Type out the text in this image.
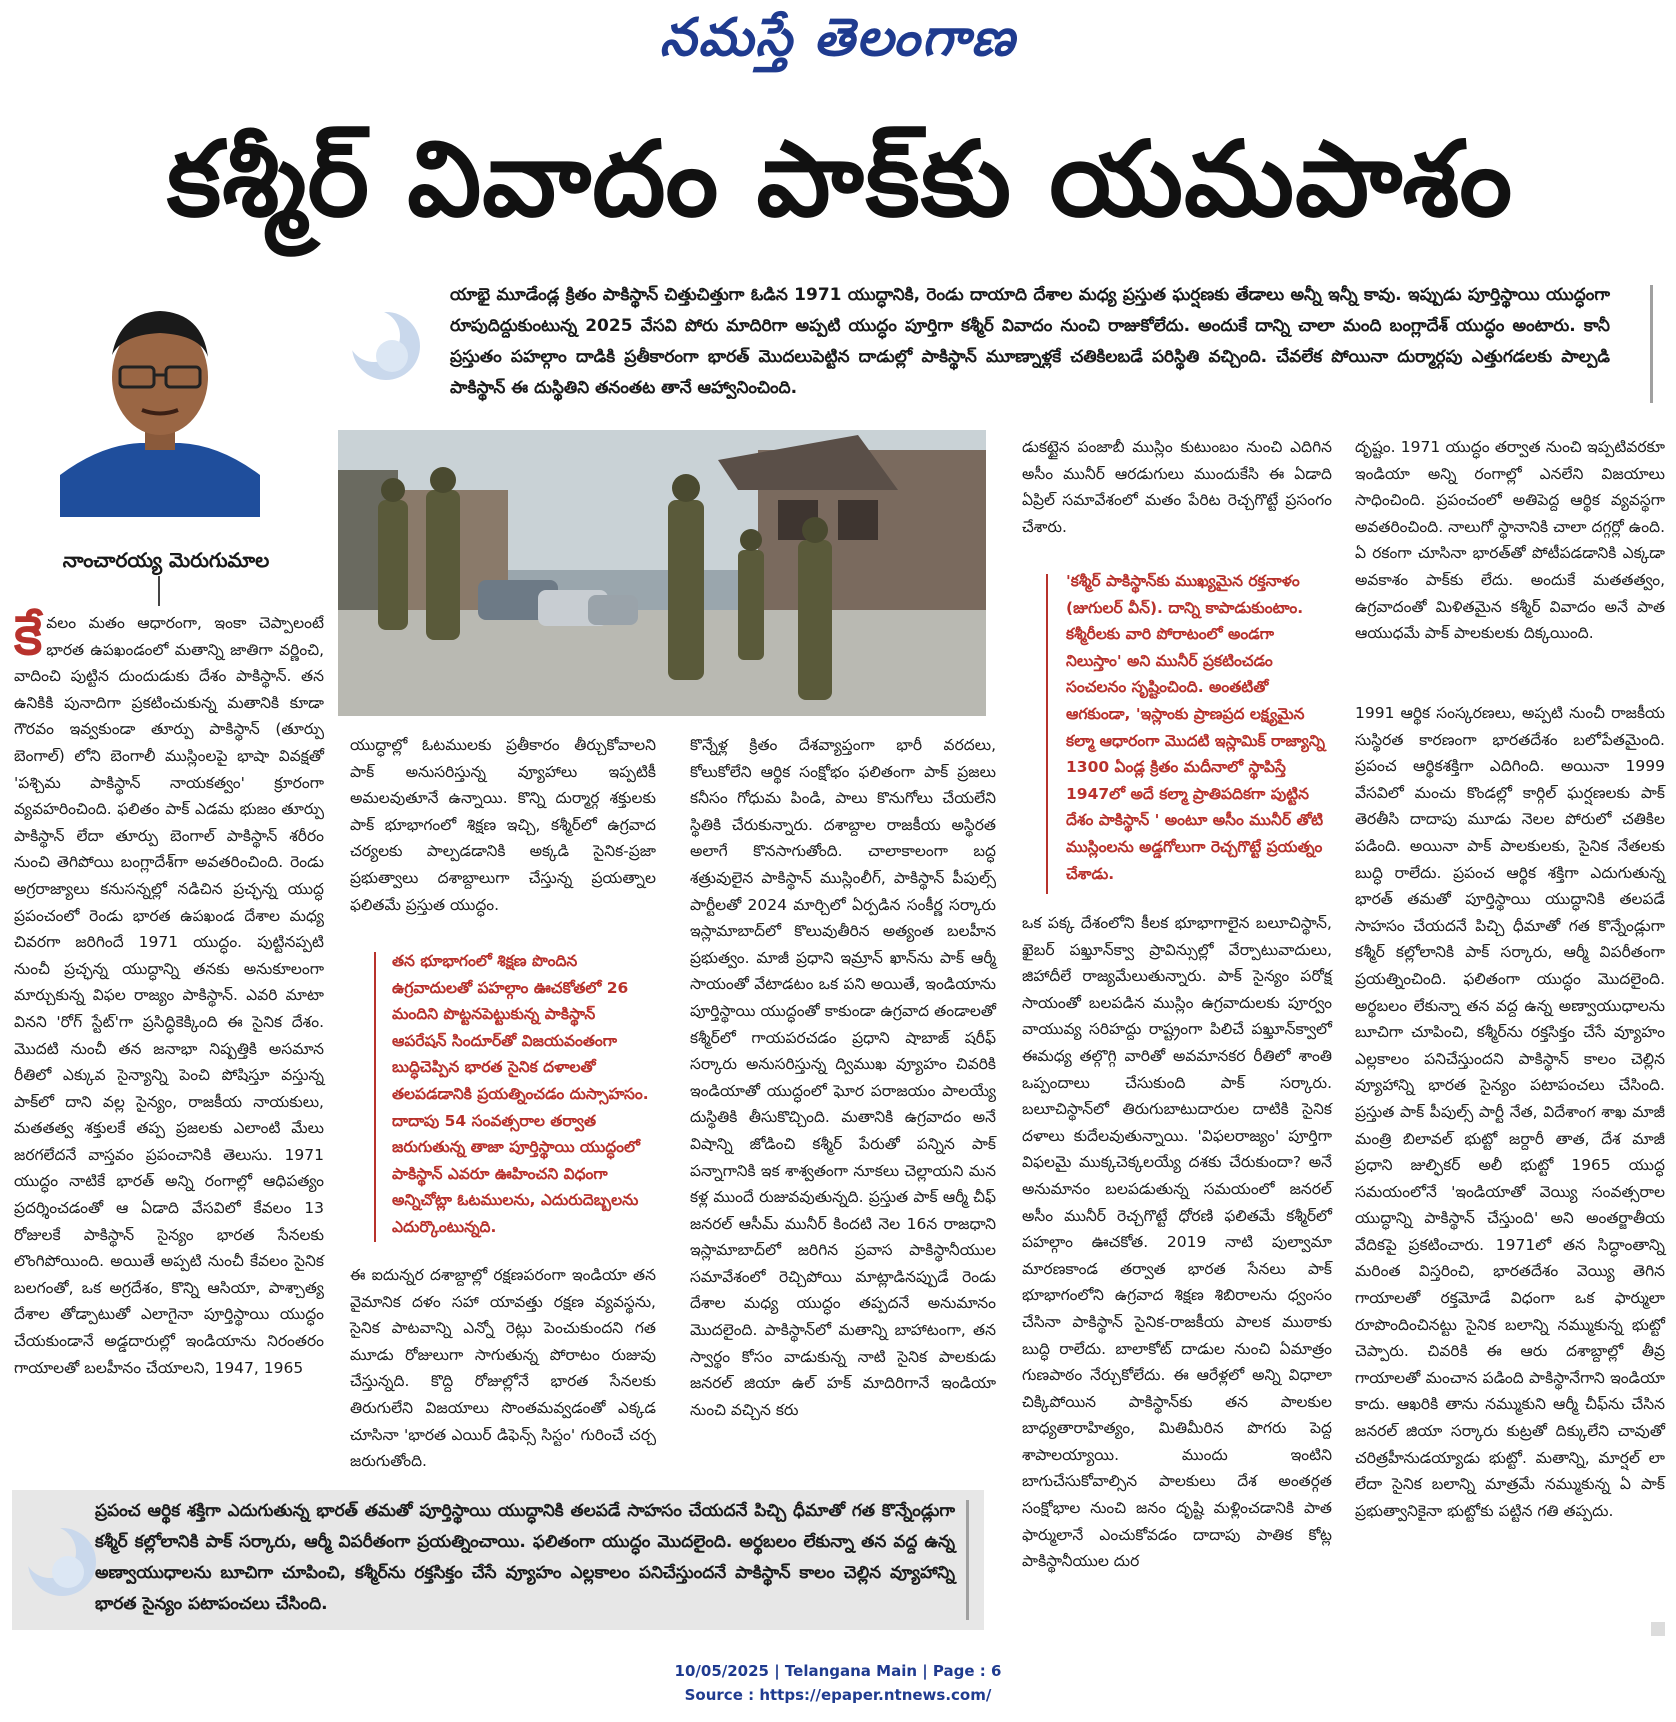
నమస్తే తెలంగాణ
కశ్మీర్ వివాదం పాక్‌కు యమపాశం
నాంచారయ్య మెరుగుమాల
యాభై మూడేండ్ల క్రితం పాకిస్థాన్ చిత్తుచిత్తుగా ఓడిన 1971 యుద్ధానికి, రెండు దాయాది దేశాల మధ్య ప్రస్తుత ఘర్షణకు తేడాలు అన్నీ ఇన్నీ కావు. ఇప్పుడు పూర్తిస్థాయి యుద్ధంగా రూపుదిద్దుకుంటున్న 2025 వేసవి పోరు మాదిరిగా అప్పటి యుద్ధం పూర్తిగా కశ్మీర్ వివాదం నుంచి రాజుకోలేదు. అందుకే దాన్ని చాలా మంది బంగ్లాదేశ్ యుద్ధం అంటారు. కానీ ప్రస్తుతం పహల్గాం దాడికి ప్రతీకారంగా భారత్ మొదలుపెట్టిన దాడుల్లో పాకిస్థాన్ మూణ్నాళ్లకే చతికిలబడే పరిస్థితి వచ్చింది. చేవలేక పోయినా దుర్మార్గపు ఎత్తుగడలకు పాల్పడి పాకిస్థాన్ ఈ దుస్థితిని తనంతట తానే ఆహ్వానించింది.
కేవలం మతం ఆధారంగా, ఇంకా చెప్పాలంటే భారత ఉపఖండంలో మతాన్ని జాతిగా వర్ణించి, వాదించి పుట్టిన దుందుడుకు దేశం పాకిస్థాన్. తన ఉనికికి పునాదిగా ప్రకటించుకున్న మతానికి కూడా గౌరవం ఇవ్వకుండా తూర్పు పాకిస్థాన్ (తూర్పు బెంగాల్) లోని బెంగాలీ ముస్లింలపై భాషా వివక్షతో 'పశ్చిమ పాకిస్థాన్ నాయకత్వం' క్రూరంగా వ్యవహరించింది. ఫలితం పాక్ ఎడమ భుజం తూర్పు పాకిస్థాన్ లేదా తూర్పు బెంగాల్ పాకిస్థాన్ శరీరం నుంచి తెగిపోయి బంగ్లాదేశ్‌గా అవతరించింది. రెండు అగ్రరాజ్యాలు కనుసన్నల్లో నడిచిన ప్రచ్ఛన్న యుద్ధ ప్రపంచంలో రెండు భారత ఉపఖండ దేశాల మధ్య చివరగా జరిగిందే 1971 యుద్ధం. పుట్టినప్పటి నుంచీ ప్రచ్ఛన్న యుద్ధాన్ని తనకు అనుకూలంగా మార్చుకున్న విఫల రాజ్యం పాకిస్థాన్. ఎవరి మాటా వినని 'రోగ్ స్టేట్'గా ప్రసిద్ధికెక్కింది ఈ సైనిక దేశం. మొదటి నుంచీ తన జనాభా నిష్పత్తికి అసమాన రీతిలో ఎక్కువ సైన్యాన్ని పెంచి పోషిస్తూ వస్తున్న పాక్‌లో దాని వల్ల సైన్యం, రాజకీయ నాయకులు, మతతత్వ శక్తులకే తప్ప ప్రజలకు ఎలాంటి మేలు జరగలేదనే వాస్తవం ప్రపంచానికి తెలుసు. 1971 యుద్ధం నాటికే భారత్ అన్ని రంగాల్లో ఆధిపత్యం ప్రదర్శించడంతో ఆ ఏడాది వేసవిలో కేవలం 13 రోజులకే పాకిస్థాన్ సైన్యం భారత సేనలకు లొంగిపోయింది. అయితే అప్పటి నుంచీ కేవలం సైనిక బలగంతో, ఒక అగ్రదేశం, కొన్ని ఆసియా, పాశ్చాత్య దేశాల తోడ్పాటుతో ఎలాగైనా పూర్తిస్థాయి యుద్ధం చేయకుండానే అడ్డదారుల్లో ఇండియాను నిరంతరం గాయాలతో బలహీనం చేయాలని, 1947, 1965
యుద్ధాల్లో ఓటములకు ప్రతీకారం తీర్చుకోవాలని పాక్ అనుసరిస్తున్న వ్యూహాలు ఇప్పటికీ అమలవుతూనే ఉన్నాయి. కొన్ని దుర్మార్గ శక్తులకు పాక్ భూభాగంలో శిక్షణ ఇచ్చి, కశ్మీర్‌లో ఉగ్రవాద చర్యలకు పాల్పడడానికి అక్కడి సైనిక-ప్రజా ప్రభుత్వాలు దశాబ్దాలుగా చేస్తున్న ప్రయత్నాల ఫలితమే ప్రస్తుత యుద్ధం.
తన భూభాగంలో శిక్షణ పొందిన ఉగ్రవాదులతో పహల్గాం ఊచకోతలో 26 మందిని పొట్టనపెట్టుకున్న పాకిస్థాన్ ఆపరేషన్ సిందూర్‌తో విజయవంతంగా బుద్ధిచెప్పిన భారత సైనిక దళాలతో తలపడడానికి ప్రయత్నించడం దుస్సాహసం. దాదాపు 54 సంవత్సరాల తర్వాత జరుగుతున్న తాజా పూర్తిస్థాయి యుద్ధంలో పాకిస్థాన్ ఎవరూ ఊహించని విధంగా అన్నిచోట్లా ఓటములను, ఎదురుదెబ్బలను ఎదుర్కొంటున్నది.
ఈ ఐదున్నర దశాబ్దాల్లో రక్షణపరంగా ఇండియా తన వైమానిక దళం సహా యావత్తు రక్షణ వ్యవస్థను, సైనిక పాటవాన్ని ఎన్నో రెట్లు పెంచుకుందని గత మూడు రోజులుగా సాగుతున్న పోరాటం రుజువు చేస్తున్నది. కొద్ది రోజుల్లోనే భారత సేనలకు తిరుగులేని విజయాలు సొంతమవ్వడంతో ఎక్కడ చూసినా 'భారత ఎయిర్ డిఫెన్స్ సిస్టం' గురించే చర్చ జరుగుతోంది.
కొన్నేళ్ల క్రితం దేశవ్యాప్తంగా భారీ వరదలు, కోలుకోలేని ఆర్థిక సంక్షోభం ఫలితంగా పాక్ ప్రజలు కనీసం గోధుమ పిండి, పాలు కొనుగోలు చేయలేని స్థితికి చేరుకున్నారు. దశాబ్దాల రాజకీయ అస్థిరత అలాగే కొనసాగుతోంది. చాలాకాలంగా బద్ధ శత్రువులైన పాకిస్థాన్ ముస్లింలీగ్, పాకిస్థాన్ పీపుల్స్ పార్టీలతో 2024 మార్చిలో ఏర్పడిన సంకీర్ణ సర్కారు ఇస్లామాబాద్‌లో కొలువుతీరిన అత్యంత బలహీన ప్రభుత్వం. మాజీ ప్రధాని ఇమ్రాన్ ఖాన్‌ను పాక్ ఆర్మీ సాయంతో వేటాడటం ఒక పని అయితే, ఇండియాను పూర్తిస్థాయి యుద్ధంతో కాకుండా ఉగ్రవాద తండాలతో కశ్మీర్‌లో గాయపరచడం ప్రధాని షాబాజ్ షరీఫ్ సర్కారు అనుసరిస్తున్న ద్విముఖ వ్యూహం చివరికి ఇండియాతో యుద్ధంలో ఘోర పరాజయం పాలయ్యే దుస్థితికి తీసుకొచ్చింది. మతానికి ఉగ్రవాదం అనే విషాన్ని జోడించి కశ్మీర్ పేరుతో పన్నిన పాక్ పన్నాగానికి ఇక శాశ్వతంగా నూకలు చెల్లాయని మన కళ్ల ముందే రుజువవుతున్నది. ప్రస్తుత పాక్ ఆర్మీ చీఫ్ జనరల్ ఆసీమ్ మునీర్ కిందటి నెల 16న రాజధాని ఇస్లామాబాద్‌లో జరిగిన ప్రవాస పాకిస్థానీయుల సమావేశంలో రెచ్చిపోయి మాట్లాడినప్పుడే రెండు దేశాల మధ్య యుద్ధం తప్పదనే అనుమానం మొదలైంది. పాకిస్థాన్‌లో మతాన్ని బాహాటంగా, తన స్వార్థం కోసం వాడుకున్న నాటి సైనిక పాలకుడు జనరల్ జియా ఉల్ హక్ మాదిరిగానే ఇండియా నుంచి వచ్చిన కరు
డుకట్టైన పంజాబీ ముస్లిం కుటుంబం నుంచి ఎదిగిన అసీం మునీర్ ఆరడుగులు ముందుకేసి ఈ ఏడాది ఏప్రిల్ సమావేశంలో మతం పేరిట రెచ్చగొట్టే ప్రసంగం చేశారు.
'కశ్మీర్ పాకిస్థాన్‌కు ముఖ్యమైన రక్తనాళం (జుగులర్ వీన్). దాన్ని కాపాడుకుంటాం. కశ్మీరీలకు వారి పోరాటంలో అండగా నిలుస్తాం' అని మునీర్ ప్రకటించడం సంచలనం సృష్టించింది. అంతటితో ఆగకుండా, 'ఇస్లాంకు ప్రాణప్రద లక్ష్యమైన కల్మా ఆధారంగా మొదటి ఇస్లామిక్ రాజ్యాన్ని 1300 ఏండ్ల క్రితం మదీనాలో స్థాపిస్తే 1947లో అదే కల్మా ప్రాతిపదికగా పుట్టిన దేశం పాకిస్థాన్ ' అంటూ అసీం మునీర్ తోటి ముస్లింలను అడ్డగోలుగా రెచ్చగొట్టే ప్రయత్నం చేశాడు.
ఒక పక్క దేశంలోని కీలక భూభాగాలైన బలూచిస్థాన్, ఖైబర్ పఖ్తూన్‌క్వా ప్రావిన్సుల్లో వేర్పాటువాదులు, జిహాదీలే రాజ్యమేలుతున్నారు. పాక్ సైన్యం పరోక్ష సాయంతో బలపడిన ముస్లిం ఉగ్రవాదులకు పూర్వం వాయువ్య సరిహద్దు రాష్ట్రంగా పిలిచే పఖ్తూన్‌క్వాలో ఈమధ్య తల్గొగ్గి వారితో అవమానకర రీతిలో శాంతి ఒప్పందాలు చేసుకుంది పాక్ సర్కారు. బలూచిస్థాన్‌లో తిరుగుబాటుదారుల దాటికి సైనిక దళాలు కుదేలవుతున్నాయి. 'విఫలరాజ్యం' పూర్తిగా విఫలమై ముక్కచెక్కలయ్యే దశకు చేరుకుందా? అనే అనుమానం బలపడుతున్న సమయంలో జనరల్ అసీం మునీర్ రెచ్చగొట్టే ధోరణి ఫలితమే కశ్మీర్‌లో పహల్గాం ఊచకోత. 2019 నాటి పుల్వామా మారణకాండ తర్వాత భారత సేనలు పాక్ భూభాగంలోని ఉగ్రవాద శిక్షణ శిబిరాలను ధ్వంసం చేసినా పాకిస్థాన్ సైనిక-రాజకీయ పాలక ముఠాకు బుద్ధి రాలేదు. బాలాకోట్ దాడుల నుంచి ఏమాత్రం గుణపాఠం నేర్చుకోలేదు. ఈ ఆరేళ్లలో అన్ని విధాలా చిక్కిపోయిన పాకిస్థాన్‌కు తన పాలకుల బాధ్యతారాహిత్యం, మితిమీరిన పొగరు పెద్ద శాపాలయ్యాయి. ముందు ఇంటిని బాగుచేసుకోవాల్సిన పాలకులు దేశ అంతర్గత సంక్షోభాల నుంచి జనం దృష్టి మళ్లించడానికి పాత ఫార్ములానే ఎంచుకోవడం దాదాపు పాతిక కోట్ల పాకిస్థానీయుల దుర
దృష్టం. 1971 యుద్ధం తర్వాత నుంచి ఇప్పటివరకూ ఇండియా అన్ని రంగాల్లో ఎనలేని విజయాలు సాధించింది. ప్రపంచంలో అతిపెద్ద ఆర్థిక వ్యవస్థగా అవతరించింది. నాలుగో స్థానానికి చాలా దగ్గర్లో ఉంది. ఏ రకంగా చూసినా భారత్‌తో పోటీపడడానికి ఎక్కడా అవకాశం పాక్‌కు లేదు. అందుకే మతతత్వం, ఉగ్రవాదంతో మిళితమైన కశ్మీర్ వివాదం అనే పాత ఆయుధమే పాక్ పాలకులకు దిక్కయింది.
1991 ఆర్థిక సంస్కరణలు, అప్పటి నుంచీ రాజకీయ సుస్థిరత కారణంగా భారతదేశం బలోపేతమైంది. ప్రపంచ ఆర్థికశక్తిగా ఎదిగింది. అయినా 1999 వేసవిలో మంచు కొండల్లో కార్గిల్ ఘర్షణలకు పాక్ తెరతీసి దాదాపు మూడు నెలల పోరులో చతికిల పడింది. అయినా పాక్ పాలకులకు, సైనిక నేతలకు బుద్ధి రాలేదు. ప్రపంచ ఆర్థిక శక్తిగా ఎదుగుతున్న భారత్ తమతో పూర్తిస్థాయి యుద్ధానికి తలపడే సాహసం చేయదనే పిచ్చి ధీమాతో గత కొన్నేండ్లుగా కశ్మీర్ కల్లోలానికి పాక్ సర్కారు, ఆర్మీ విపరీతంగా ప్రయత్నించింది. ఫలితంగా యుద్ధం మొదలైంది. అర్థబలం లేకున్నా తన వద్ద ఉన్న అణ్వాయుధాలను బూచిగా చూపించి, కశ్మీర్‌ను రక్తసిక్తం చేసే వ్యూహం ఎల్లకాలం పనిచేస్తుందని పాకిస్థాన్ కాలం చెల్లిన వ్యూహాన్ని భారత సైన్యం పటాపంచలు చేసింది. ప్రస్తుత పాక్ పీపుల్స్ పార్టీ నేత, విదేశాంగ శాఖ మాజీ మంత్రి బిలావల్ భుట్టో జర్దారీ తాత, దేశ మాజీ ప్రధాని జుల్ఫికర్ అలీ భుట్టో 1965 యుద్ధ సమయంలోనే 'ఇండియాతో వెయ్యి సంవత్సరాల యుద్ధాన్ని పాకిస్థాన్ చేస్తుంది' అని అంతర్జాతీయ వేదికపై ప్రకటించారు. 1971లో తన సిద్ధాంతాన్ని మరింత విస్తరించి, భారతదేశం వెయ్యి తెగిన గాయాలతో రక్తమోడే విధంగా ఒక ఫార్ములా రూపొందించినట్టు సైనిక బలాన్ని నమ్ముకున్న భుట్టో చెప్పారు. చివరికి ఈ ఆరు దశాబ్దాల్లో తీవ్ర గాయాలతో మంచాన పడింది పాకిస్థానేగాని ఇండియా కాదు. ఆఖరికి తాను నమ్ముకుని ఆర్మీ చీఫ్‌ను చేసిన జనరల్ జియా సర్కారు కుట్రతో దిక్కులేని చావుతో చరిత్రహీనుడయ్యాడు భుట్టో. మతాన్ని, మార్షల్ లా లేదా సైనిక బలాన్ని మాత్రమే నమ్ముకున్న ఏ పాక్ ప్రభుత్వానికైనా భుట్టోకు పట్టిన గతి తప్పదు.
ప్రపంచ ఆర్థిక శక్తిగా ఎదుగుతున్న భారత్ తమతో పూర్తిస్థాయి యుద్ధానికి తలపడే సాహసం చేయదనే పిచ్చి ధీమాతో గత కొన్నేండ్లుగా కశ్మీర్ కల్లోలానికి పాక్ సర్కారు, ఆర్మీ విపరీతంగా ప్రయత్నించాయి. ఫలితంగా యుద్ధం మొదలైంది. అర్థబలం లేకున్నా తన వద్ద ఉన్న అణ్వాయుధాలను బూచిగా చూపించి, కశ్మీర్‌ను రక్తసిక్తం చేసే వ్యూహం ఎల్లకాలం పనిచేస్తుందనే పాకిస్థాన్ కాలం చెల్లిన వ్యూహాన్ని భారత సైన్యం పటాపంచలు చేసింది.
10/05/2025 | Telangana Main | Page : 6
Source : https://epaper.ntnews.com/
